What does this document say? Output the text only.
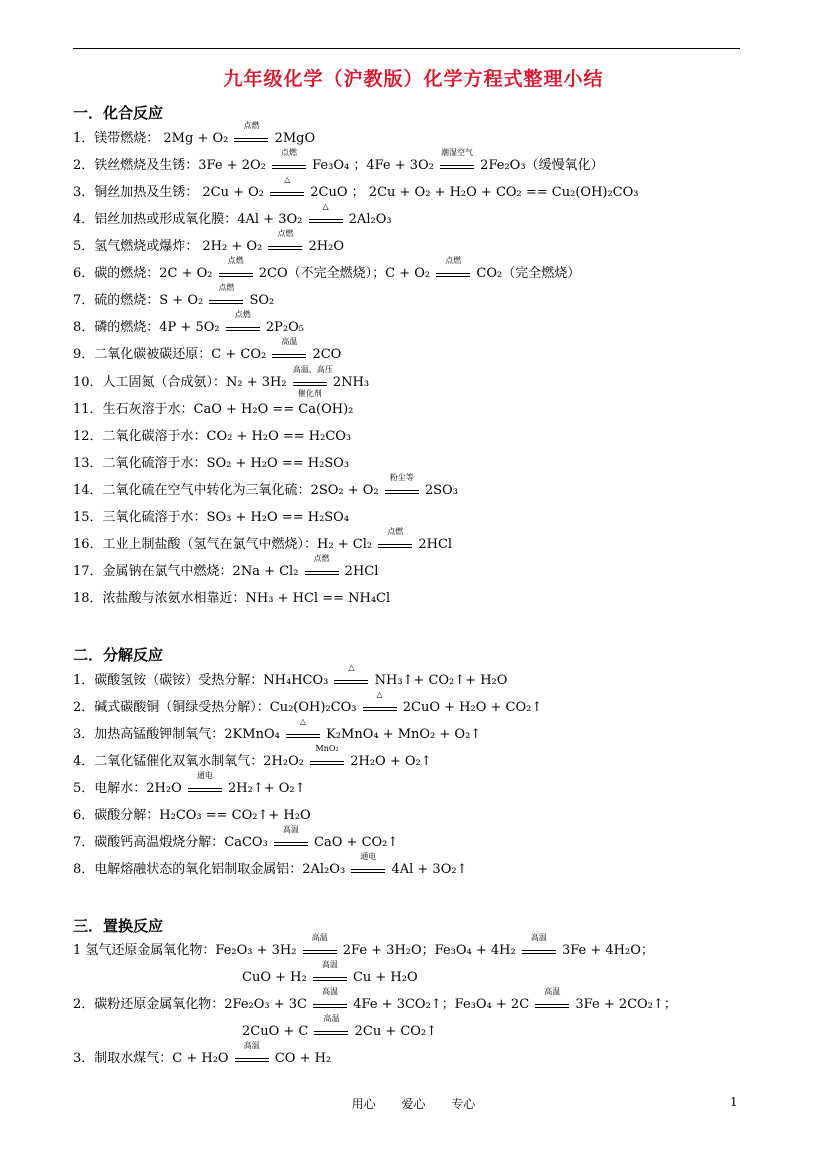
九年级化学（沪教版）化学方程式整理小结
一．化合反应
1．镁带燃烧： 2Mg + O₂
点燃
2MgO
2．铁丝燃烧及生锈：3Fe + 2O₂
点燃
Fe₃O₄ ；4Fe + 3O₂
潮湿空气
2Fe₂O₃（缓慢氧化）
3．铜丝加热及生锈： 2Cu + O₂
△
2CuO ； 2Cu + O₂ + H₂O + CO₂ == Cu₂(OH)₂CO₃
4．铝丝加热或形成氧化膜：4Al + 3O₂
△
2Al₂O₃
5．氢气燃烧或爆炸： 2H₂ + O₂
点燃
2H₂O
6．碳的燃烧：2C + O₂
点燃
2CO（不完全燃烧）；C + O₂
点燃
CO₂（完全燃烧）
7．硫的燃烧：S + O₂
点燃
SO₂
8．磷的燃烧：4P + 5O₂
点燃
2P₂O₅
9．二氧化碳被碳还原：C + CO₂
高温
2CO
10．人工固氮（合成氨）：N₂ + 3H₂
高温、高压
催化剂
2NH₃
11．生石灰溶于水：CaO + H₂O == Ca(OH)₂
12．二氧化碳溶于水：CO₂ + H₂O == H₂CO₃
13．二氧化硫溶于水：SO₂ + H₂O == H₂SO₃
14．二氧化硫在空气中转化为三氧化硫：2SO₂ + O₂
粉尘等
2SO₃
15．三氧化硫溶于水：SO₃ + H₂O == H₂SO₄
16．工业上制盐酸（氢气在氯气中燃烧）：H₂ + Cl₂
点燃
2HCl
17．金属钠在氯气中燃烧：2Na + Cl₂
点燃
2HCl
18．浓盐酸与浓氨水相靠近：NH₃ + HCl == NH₄Cl
二．分解反应
1．碳酸氢铵（碳铵）受热分解：NH₄HCO₃
△
NH₃↑+ CO₂↑+ H₂O
2．碱式碳酸铜（铜绿受热分解）：Cu₂(OH)₂CO₃
△
2CuO + H₂O + CO₂↑
3．加热高锰酸钾制氧气：2KMnO₄
△
K₂MnO₄ + MnO₂ + O₂↑
4．二氧化锰催化双氧水制氧气：2H₂O₂
MnO₂
2H₂O + O₂↑
5．电解水：2H₂O
通电
2H₂↑+ O₂↑
6．碳酸分解：H₂CO₃ == CO₂↑+ H₂O
7．碳酸钙高温煅烧分解：CaCO₃
高温
CaO + CO₂↑
8．电解熔融状态的氧化铝制取金属铝：2Al₂O₃
通电
4Al + 3O₂↑
三．置换反应
1 氢气还原金属氧化物：Fe₂O₃ + 3H₂
高温
2Fe + 3H₂O；Fe₃O₄ + 4H₂
高温
3Fe + 4H₂O；
CuO + H₂
高温
Cu + H₂O
2．碳粉还原金属氧化物：2Fe₂O₃ + 3C
高温
4Fe + 3CO₂↑；Fe₃O₄ + 2C
高温
3Fe + 2CO₂↑；
2CuO + C
高温
2Cu + CO₂↑
3．制取水煤气：C + H₂O
高温
CO + H₂
用心 爱心 专心	1
